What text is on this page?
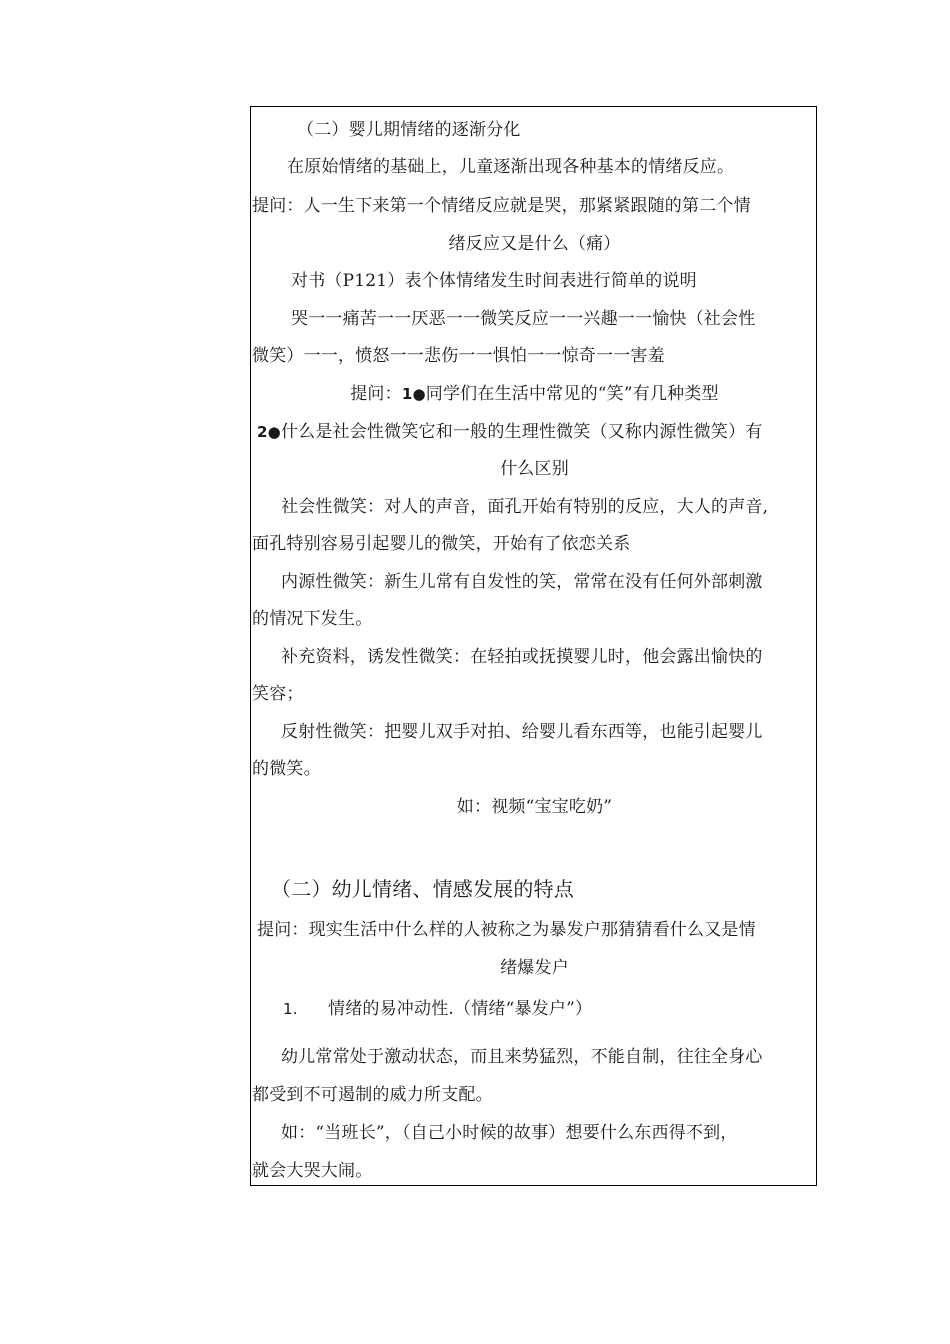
（二）婴儿期情绪的逐渐分化
在原始情绪的基础上，儿童逐渐出现各种基本的情绪反应。
提问：人一生下来第一个情绪反应就是哭，那紧紧跟随的第二个情
绪反应又是什么（痛）
对书（P121）表个体情绪发生时间表进行简单的说明
哭一一痛苦一一厌恶一一微笑反应一一兴趣一一愉快（社会性
微笑）一一，愤怒一一悲伤一一惧怕一一惊奇一一害羞
提问：1●同学们在生活中常见的“笑”有几种类型
2●什么是社会性微笑它和一般的生理性微笑（又称内源性微笑）有
什么区别
社会性微笑：对人的声音，面孔开始有特别的反应，大人的声音,
面孔特别容易引起婴儿的微笑，开始有了依恋关系
内源性微笑：新生儿常有自发性的笑，常常在没有任何外部刺激
的情况下发生。
补充资料，诱发性微笑：在轻拍或抚摸婴儿时，他会露出愉快的
笑容；
反射性微笑：把婴儿双手对拍、给婴儿看东西等，也能引起婴儿
的微笑。
如：视频“宝宝吃奶”
（二）幼儿情绪、情感发展的特点
提问：现实生活中什么样的人被称之为暴发户那猜猜看什么又是情
绪爆发户
1. 情绪的易冲动性.（情绪“暴发户”）
幼儿常常处于激动状态，而且来势猛烈，不能自制，往往全身心
都受到不可遏制的威力所支配。
如：“当班长”，（自己小时候的故事）想要什么东西得不到，
就会大哭大闹。
